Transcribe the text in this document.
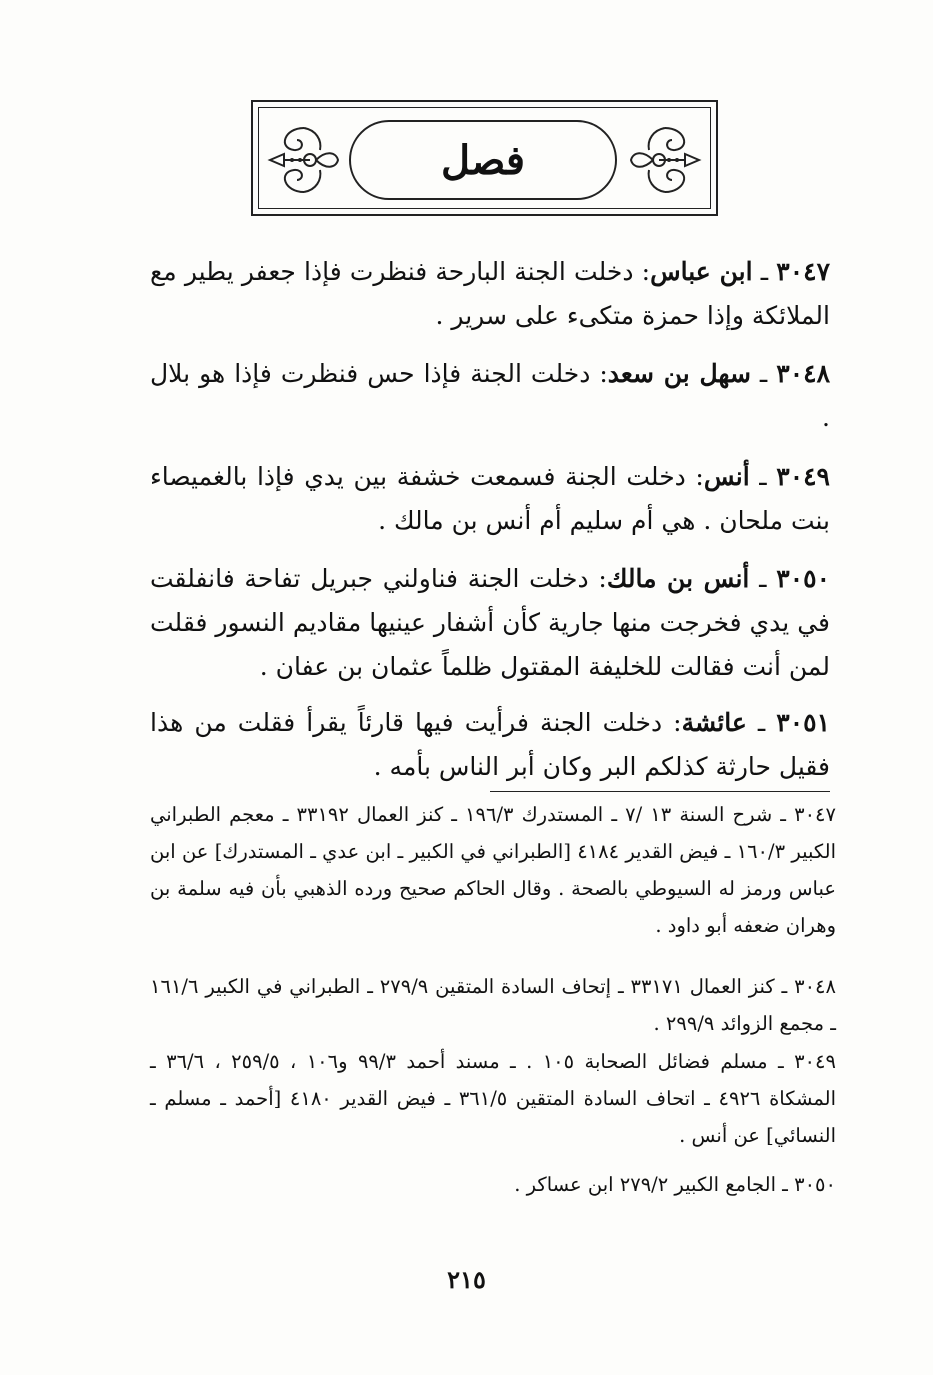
فصل
٣٠٤٧ ـ ابن عباس: دخلت الجنة البارحة فنظرت فإذا جعفر يطير مع الملائكة وإذا حمزة متكىء على سرير .
٣٠٤٨ ـ سهل بن سعد: دخلت الجنة فإذا حس فنظرت فإذا هو بلال .
٣٠٤٩ ـ أنس: دخلت الجنة فسمعت خشفة بين يدي فإذا بالغميصاء بنت ملحان . هي أم سليم أم أنس بن مالك .
٣٠٥٠ ـ أنس بن مالك: دخلت الجنة فناولني جبريل تفاحة فانفلقت في يدي فخرجت منها جارية كأن أشفار عينيها مقاديم النسور فقلت لمن أنت فقالت للخليفة المقتول ظلماً عثمان بن عفان .
٣٠٥١ ـ عائشة: دخلت الجنة فرأيت فيها قارئاً يقرأ فقلت من هذا فقيل حارثة كذلكم البر وكان أبر الناس بأمه .
٣٠٤٧ ـ شرح السنة ١٣ /٧ ـ المستدرك ١٩٦/٣ ـ كنز العمال ٣٣١٩٢ ـ معجم الطبراني الكبير ١٦٠/٣ ـ فيض القدير ٤١٨٤ [الطبراني في الكبير ـ ابن عدي ـ المستدرك] عن ابن عباس ورمز له السيوطي بالصحة . وقال الحاكم صحيح ورده الذهبي بأن فيه سلمة بن وهران ضعفه أبو داود .
٣٠٤٨ ـ كنز العمال ٣٣١٧١ ـ إتحاف السادة المتقين ٢٧٩/٩ ـ الطبراني في الكبير ١٦١/٦ ـ مجمع الزوائد ٢٩٩/٩ .
٣٠٤٩ ـ مسلم فضائل الصحابة ١٠٥ . ـ مسند أحمد ٩٩/٣ و١٠٦ ، ٢٥٩/٥ ، ٣٦/٦ ـ المشكاة ٤٩٢٦ ـ اتحاف السادة المتقين ٣٦١/٥ ـ فيض القدير ٤١٨٠ [أحمد ـ مسلم ـ النسائي] عن أنس .
٣٠٥٠ ـ الجامع الكبير ٢٧٩/٢ ابن عساكر .
٢١٥
